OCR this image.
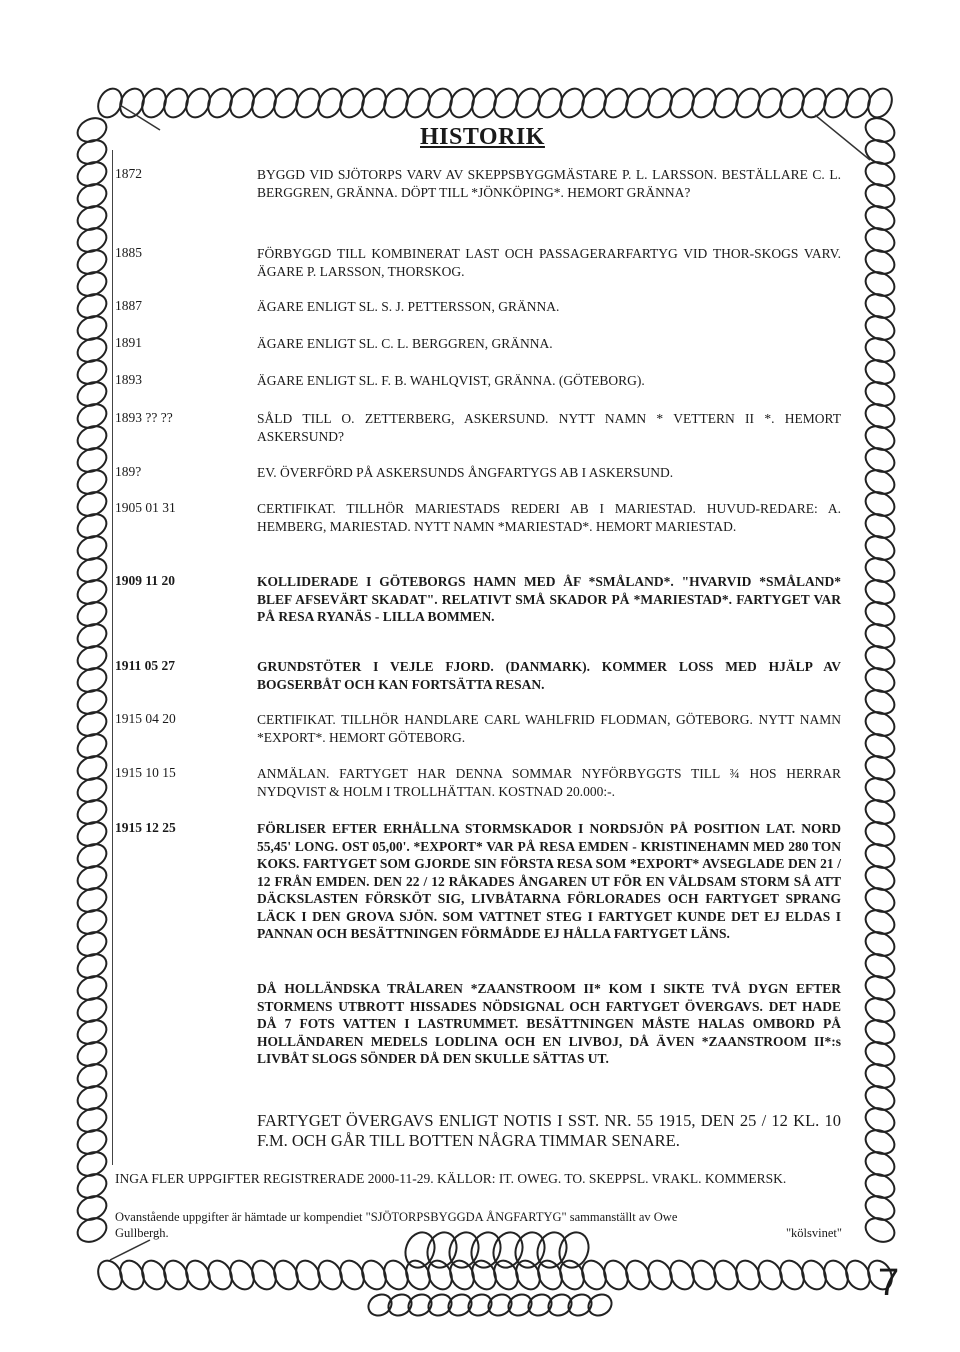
HISTORIK
1872	BYGGD VID SJÖTORPS VARV AV SKEPPSBYGGMÄSTARE P. L. LARSSON. BESTÄLLARE C. L. BERGGREN, GRÄNNA. DÖPT TILL *JÖNKÖPING*. HEMORT GRÄNNA?
1885	FÖRBYGGD TILL KOMBINERAT LAST OCH PASSAGERARFARTYG VID THOR-SKOGS VARV. ÄGARE P. LARSSON, THORSKOG.
1887	ÄGARE ENLIGT SL. S. J. PETTERSSON, GRÄNNA.
1891	ÄGARE ENLIGT SL. C. L. BERGGREN, GRÄNNA.
1893	ÄGARE ENLIGT SL. F. B. WAHLQVIST, GRÄNNA. (GÖTEBORG).
1893 ?? ??	SÅLD TILL O. ZETTERBERG, ASKERSUND. NYTT NAMN * VETTERN II *. HEMORT ASKERSUND?
189?	EV. ÖVERFÖRD PÅ ASKERSUNDS ÅNGFARTYGS AB I ASKERSUND.
1905 01 31	CERTIFIKAT. TILLHÖR MARIESTADS REDERI AB I MARIESTAD. HUVUD-REDARE: A. HEMBERG, MARIESTAD. NYTT NAMN *MARIESTAD*. HEMORT MARIESTAD.
1909 11 20	KOLLIDERADE I GÖTEBORGS HAMN MED ÅF *SMÅLAND*. "HVARVID *SMÅLAND* BLEF AFSEVÄRT SKADAT". RELATIVT SMÅ SKADOR PÅ *MARIESTAD*. FARTYGET VAR PÅ RESA RYANÄS - LILLA BOMMEN.
1911 05 27	GRUNDSTÖTER I VEJLE FJORD. (DANMARK). KOMMER LOSS MED HJÄLP AV BOGSERBÅT OCH KAN FORTSÄTTA RESAN.
1915 04 20	CERTIFIKAT. TILLHÖR HANDLARE CARL WAHLFRID FLODMAN, GÖTEBORG. NYTT NAMN *EXPORT*. HEMORT GÖTEBORG.
1915 10 15	ANMÄLAN. FARTYGET HAR DENNA SOMMAR NYFÖRBYGGTS TILL ¾ HOS HERRAR NYDQVIST & HOLM I TROLLHÄTTAN. KOSTNAD 20.000:-.
1915 12 25	FÖRLISER EFTER ERHÅLLNA STORMSKADOR I NORDSJÖN PÅ POSITION LAT. NORD 55,45' LONG. OST 05,00'. *EXPORT* VAR PÅ RESA EMDEN - KRISTINEHAMN MED 280 TON KOKS. FARTYGET SOM GJORDE SIN FÖRSTA RESA SOM *EXPORT* AVSEGLADE DEN 21 / 12 FRÅN EMDEN. DEN 22 / 12 RÅKADES ÅNGAREN UT FÖR EN VÅLDSAM STORM SÅ ATT DÄCKSLASTEN FÖRSKÖT SIG, LIVBÅTARNA FÖRLORADES OCH FARTYGET SPRANG LÄCK I DEN GROVA SJÖN. SOM VATTNET STEG I FARTYGET KUNDE DET EJ ELDAS I PANNAN OCH BESÄTTNINGEN FÖRMÅDDE EJ HÅLLA FARTYGET LÄNS.
DÅ HOLLÄNDSKA TRÅLAREN *ZAANSTROOM II* KOM I SIKTE TVÅ DYGN EFTER STORMENS UTBROTT HISSADES NÖDSIGNAL OCH FARTYGET ÖVERGAVS. DET HADE DÅ 7 FOTS VATTEN I LASTRUMMET. BESÄTTNINGEN MÅSTE HALAS OMBORD PÅ HOLLÄNDAREN MEDELS LODLINA OCH EN LIVBOJ, DÅ ÄVEN *ZAANSTROOM II*:s LIVBÅT SLOGS SÖNDER DÅ DEN SKULLE SÄTTAS UT.
FARTYGET ÖVERGAVS ENLIGT NOTIS I SST. NR. 55 1915, DEN 25 / 12 KL. 10 F.M. OCH GÅR TILL BOTTEN NÅGRA TIMMAR SENARE.
INGA FLER UPPGIFTER REGISTRERADE 2000-11-29. KÄLLOR: IT. OWEG. TO. SKEPPSL. VRAKL. KOMMERSK.
Ovanstående uppgifter är hämtade ur kompendiet "SJÖTORPSBYGGDA ÅNGFARTYG" sammanställt av Owe
Gullbergh.	"kölsvinet"
7
